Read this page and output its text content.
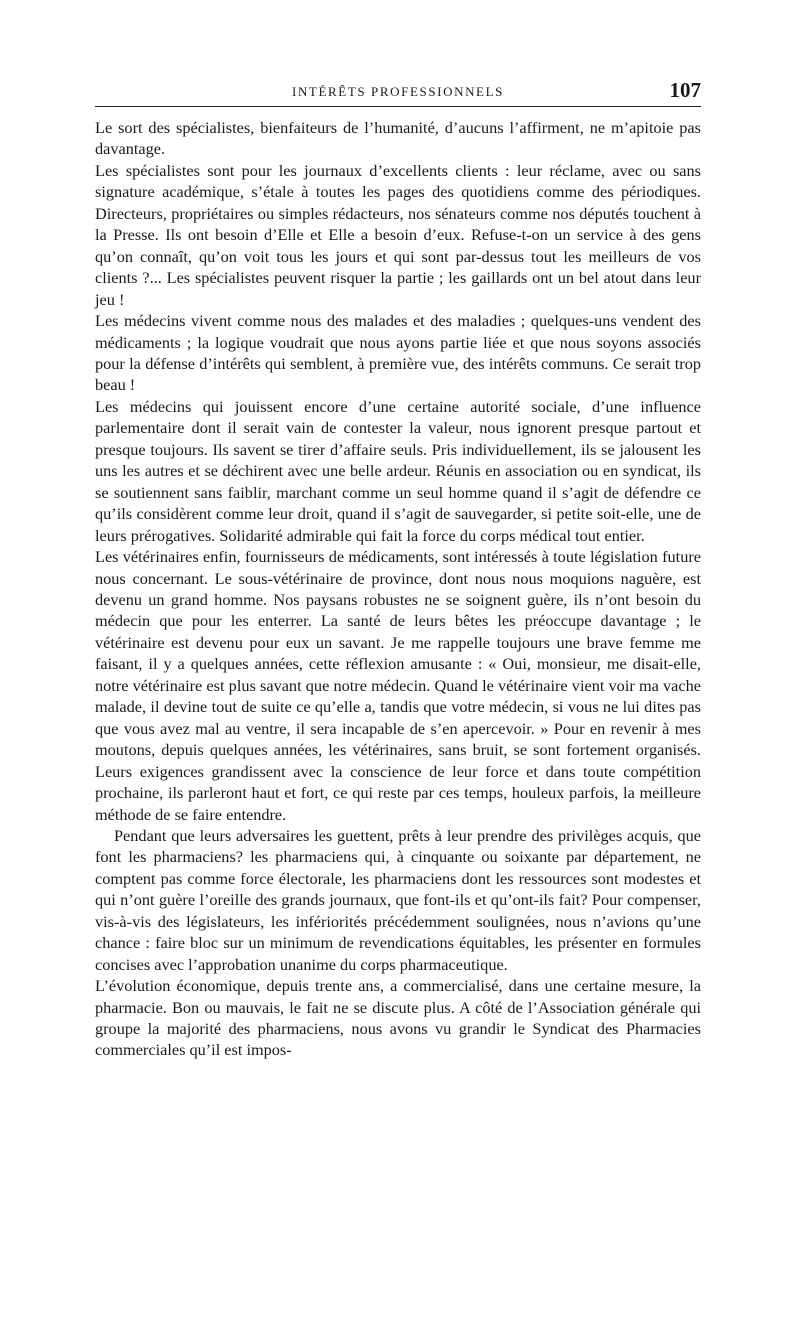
INTÉRÊTS PROFESSIONNELS	107

Le sort des spécialistes, bienfaiteurs de l’humanité, d’aucuns l’affirment, ne m’apitoie pas davantage.

Les spécialistes sont pour les journaux d’excellents clients : leur réclame, avec ou sans signature académique, s’étale à toutes les pages des quotidiens comme des périodiques. Directeurs, propriétaires ou simples rédacteurs, nos sénateurs comme nos députés touchent à la Presse. Ils ont besoin d’Elle et Elle a besoin d’eux. Refuse-t-on un service à des gens qu’on connaît, qu’on voit tous les jours et qui sont par-dessus tout les meilleurs de vos clients ?... Les spécialistes peuvent risquer la partie ; les gaillards ont un bel atout dans leur jeu !

Les médecins vivent comme nous des malades et des maladies ; quelques-uns vendent des médicaments ; la logique voudrait que nous ayons partie liée et que nous soyons associés pour la défense d’intérêts qui semblent, à première vue, des intérêts communs. Ce serait trop beau !

Les médecins qui jouissent encore d’une certaine autorité sociale, d’une influence parlementaire dont il serait vain de contester la valeur, nous ignorent presque partout et presque toujours. Ils savent se tirer d’affaire seuls. Pris individuellement, ils se jalousent les uns les autres et se déchirent avec une belle ardeur. Réunis en association ou en syndicat, ils se soutiennent sans faiblir, marchant comme un seul homme quand il s’agit de défendre ce qu’ils considèrent comme leur droit, quand il s’agit de sauvegarder, si petite soit-elle, une de leurs prérogatives. Solidarité admirable qui fait la force du corps médical tout entier.

Les vétérinaires enfin, fournisseurs de médicaments, sont intéressés à toute législation future nous concernant. Le sous-vétérinaire de province, dont nous nous moquions naguère, est devenu un grand homme. Nos paysans robustes ne se soignent guère, ils n’ont besoin du médecin que pour les enterrer. La santé de leurs bêtes les préoccupe davantage ; le vétérinaire est devenu pour eux un savant. Je me rappelle toujours une brave femme me faisant, il y a quelques années, cette réflexion amusante : « Oui, monsieur, me disait-elle, notre vétérinaire est plus savant que notre médecin. Quand le vétérinaire vient voir ma vache malade, il devine tout de suite ce qu’elle a, tandis que votre médecin, si vous ne lui dites pas que vous avez mal au ventre, il sera incapable de s’en apercevoir. » Pour en revenir à mes moutons, depuis quelques années, les vétérinaires, sans bruit, se sont fortement organisés. Leurs exigences grandissent avec la conscience de leur force et dans toute compétition prochaine, ils parleront haut et fort, ce qui reste par ces temps, houleux parfois, la meilleure méthode de se faire entendre.

Pendant que leurs adversaires les guettent, prêts à leur prendre des privilèges acquis, que font les pharmaciens? les pharmaciens qui, à cinquante ou soixante par département, ne comptent pas comme force électorale, les pharmaciens dont les ressources sont modestes et qui n’ont guère l’oreille des grands journaux, que font-ils et qu’ont-ils fait? Pour compenser, vis-à-vis des législateurs, les infériorités précédemment soulignées, nous n’avions qu’une chance : faire bloc sur un minimum de revendications équitables, les présenter en formules concises avec l’approbation unanime du corps pharmaceutique.

L’évolution économique, depuis trente ans, a commercialisé, dans une certaine mesure, la pharmacie. Bon ou mauvais, le fait ne se discute plus. A côté de l’Association générale qui groupe la majorité des pharmaciens, nous avons vu grandir le Syndicat des Pharmacies commerciales qu’il est impos-
